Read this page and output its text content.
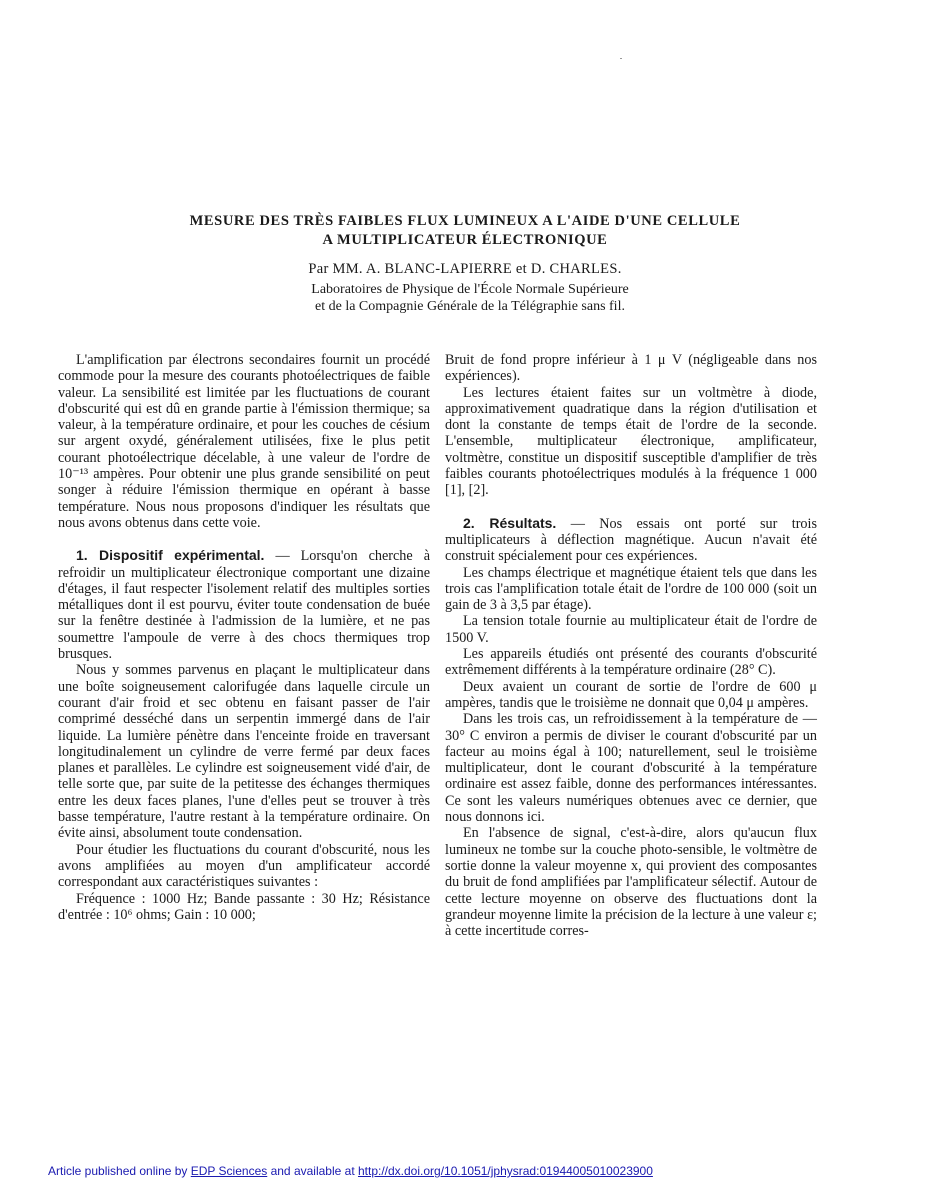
MESURE DES TRÈS FAIBLES FLUX LUMINEUX A L'AIDE D'UNE CELLULE
A MULTIPLICATEUR ÉLECTRONIQUE
Par MM. A. BLANC-LAPIERRE et D. CHARLES.
Laboratoires de Physique de l'École Normale Supérieure
et de la Compagnie Générale de la Télégraphie sans fil.

L'amplification par électrons secondaires fournit un procédé commode pour la mesure des courants photoélectriques de faible valeur. La sensibilité est limitée par les fluctuations de courant d'obscurité qui est dû en grande partie à l'émission thermique; sa valeur, à la température ordinaire, et pour les couches de césium sur argent oxydé, généralement utilisées, fixe le plus petit courant photoélectrique décelable, à une valeur de l'ordre de 10⁻¹³ ampères. Pour obtenir une plus grande sensibilité on peut songer à réduire l'émission thermique en opérant à basse température. Nous nous proposons d'indiquer les résultats que nous avons obtenus dans cette voie.

1. Dispositif expérimental. — Lorsqu'on cherche à refroidir un multiplicateur électronique comportant une dizaine d'étages, il faut respecter l'isolement relatif des multiples sorties métalliques dont il est pourvu, éviter toute condensation de buée sur la fenêtre destinée à l'admission de la lumière, et ne pas soumettre l'ampoule de verre à des chocs thermiques trop brusques.

Nous y sommes parvenus en plaçant le multiplicateur dans une boîte soigneusement calorifugée dans laquelle circule un courant d'air froid et sec obtenu en faisant passer de l'air comprimé desséché dans un serpentin immergé dans de l'air liquide. La lumière pénètre dans l'enceinte froide en traversant longitudinalement un cylindre de verre fermé par deux faces planes et parallèles. Le cylindre est soigneusement vidé d'air, de telle sorte que, par suite de la petitesse des échanges thermiques entre les deux faces planes, l'une d'elles peut se trouver à très basse température, l'autre restant à la température ordinaire. On évite ainsi, absolument toute condensation.

Pour étudier les fluctuations du courant d'obscurité, nous les avons amplifiées au moyen d'un amplificateur accordé correspondant aux caractéristiques suivantes :

Fréquence : 1000 Hz; Bande passante : 30 Hz; Résistance d'entrée : 10⁶ ohms; Gain : 10 000;

Bruit de fond propre inférieur à 1 μ V (négligeable dans nos expériences).

Les lectures étaient faites sur un voltmètre à diode, approximativement quadratique dans la région d'utilisation et dont la constante de temps était de l'ordre de la seconde. L'ensemble, multiplicateur électronique, amplificateur, voltmètre, constitue un dispositif susceptible d'amplifier de très faibles courants photoélectriques modulés à la fréquence 1 000 [1], [2].

2. Résultats. — Nos essais ont porté sur trois multiplicateurs à déflection magnétique. Aucun n'avait été construit spécialement pour ces expériences.

Les champs électrique et magnétique étaient tels que dans les trois cas l'amplification totale était de l'ordre de 100 000 (soit un gain de 3 à 3,5 par étage).

La tension totale fournie au multiplicateur était de l'ordre de 1500 V.

Les appareils étudiés ont présenté des courants d'obscurité extrêmement différents à la température ordinaire (28° C).

Deux avaient un courant de sortie de l'ordre de 600 μ ampères, tandis que le troisième ne donnait que 0,04 μ ampères.

Dans les trois cas, un refroidissement à la température de —30° C environ a permis de diviser le courant d'obscurité par un facteur au moins égal à 100; naturellement, seul le troisième multiplicateur, dont le courant d'obscurité à la température ordinaire est assez faible, donne des performances intéressantes. Ce sont les valeurs numériques obtenues avec ce dernier, que nous donnons ici.

En l'absence de signal, c'est-à-dire, alors qu'aucun flux lumineux ne tombe sur la couche photo-sensible, le voltmètre de sortie donne la valeur moyenne x, qui provient des composantes du bruit de fond amplifiées par l'amplificateur sélectif. Autour de cette lecture moyenne on observe des fluctuations dont la grandeur moyenne limite la précision de la lecture à une valeur ε; à cette incertitude corres-

Article published online by EDP Sciences and available at http://dx.doi.org/10.1051/jphysrad:01944005010023900
